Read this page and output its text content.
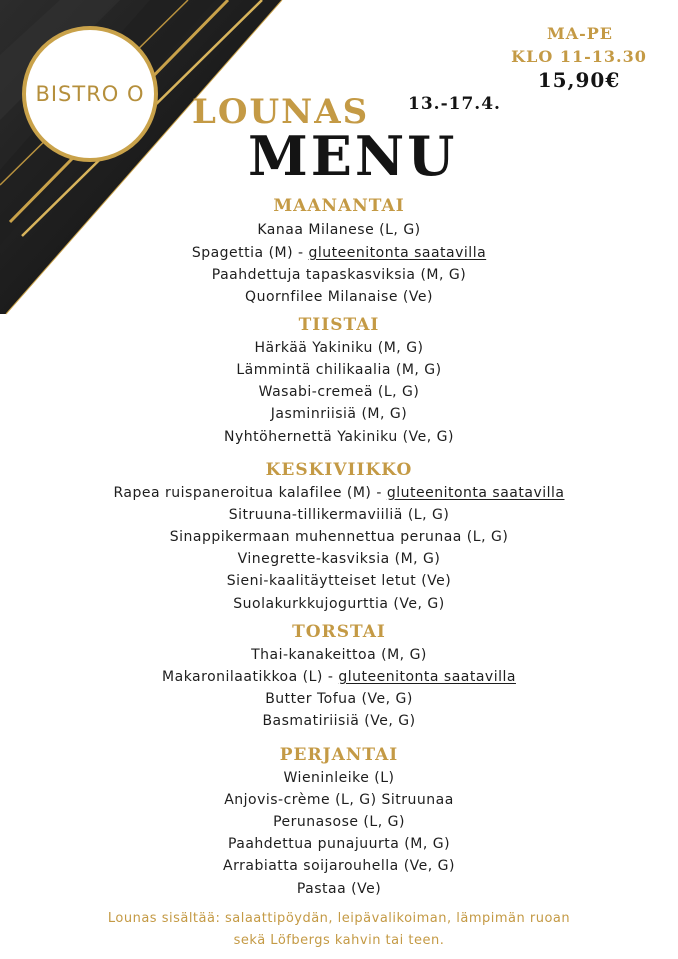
BISTRO O LOUNAS
MENU
13.-17.4.
MA-PE
KLO 11-13.30
15,90€
MAANANTAI
Kanaa Milanese (L, G)
Spagettia (M) - gluteenitonta saatavilla
Paahdettuja tapaskasviksia (M, G)
Quornfilee Milanaise (Ve)
TIISTAI
Härkää Yakiniku (M, G)
Lämmintä chilikaalia (M, G)
Wasabi-cremeä (L, G)
Jasminriisiä (M, G)
Nyhtöhernettä Yakiniku (Ve, G)
KESKIVIIKKO
Rapea ruispaneroitua kalafilee (M) - gluteenitonta saatavilla
Sitruuna-tillikermaviiliä (L, G)
Sinappikermaan muhennettua perunaa (L, G)
Vinegrette-kasviksia (M, G)
Sieni-kaalitäytteiset letut (Ve)
Suolakurkkujogurttia (Ve, G)
TORSTAI
Thai-kanakeittoa (M, G)
Makaronilaatikkoa (L) - gluteenitonta saatavilla
Butter Tofua (Ve, G)
Basmatiriisiä (Ve, G)
PERJANTAI
Wieninleike (L)
Anjovis-crème (L, G) Sitruunaa
Perunasose (L, G)
Paahdettua punajuurta (M, G)
Arrabiatta soijarouhella (Ve, G)
Pastaa (Ve)
Lounas sisältää: salaattipöydän, leipävalikoiman, lämpimän ruoan
sekä Löfbergs kahvin tai teen.
